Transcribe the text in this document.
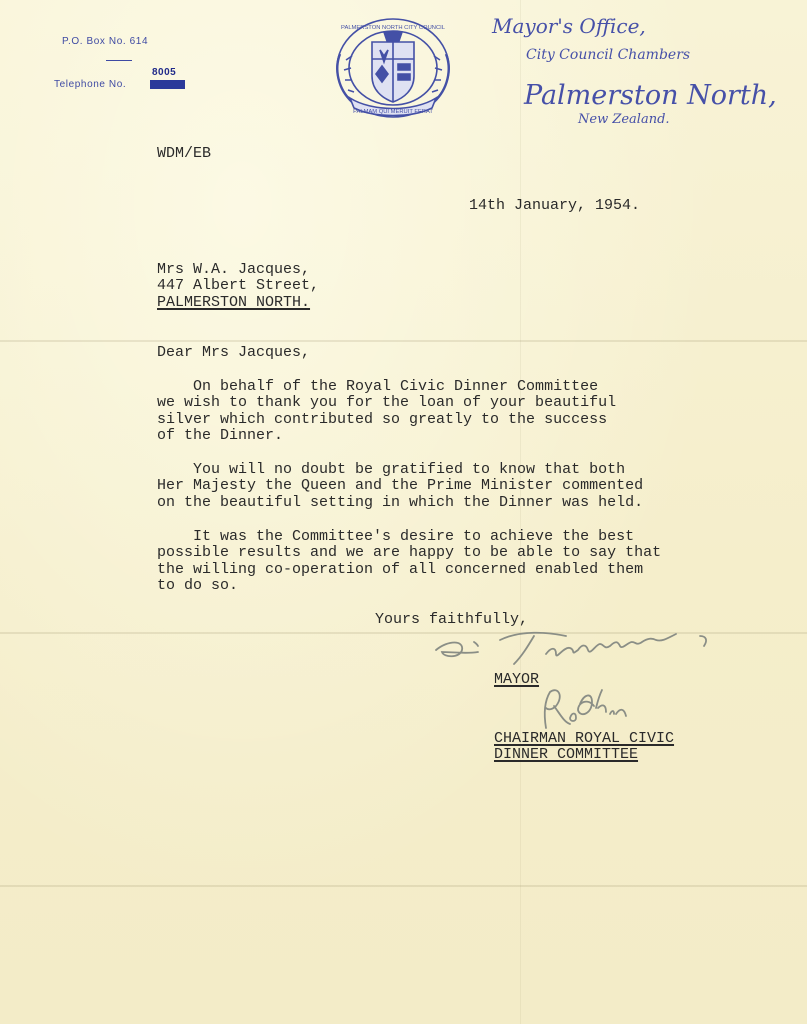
P.O. Box No. 614
8005
Telephone No.
PALMERSTON NORTH CITY COUNCIL
PALMAM QUI MERUIT FERAT
Mayor's Office,
City Council Chambers
Palmerston North,
New Zealand.
WDM/EB
14th January, 1954.
Mrs W.A. Jacques,
447 Albert Street,
PALMERSTON NORTH.
Dear Mrs Jacques,
On behalf of the Royal Civic Dinner Committee
we wish to thank you for the loan of your beautiful
silver which contributed so greatly to the success
of the Dinner.
You will no doubt be gratified to know that both
Her Majesty the Queen and the Prime Minister commented
on the beautiful setting in which the Dinner was held.
It was the Committee's desire to achieve the best
possible results and we are happy to be able to say that
the willing co-operation of all concerned enabled them
to do so.
Yours faithfully,
MAYOR
CHAIRMAN ROYAL CIVIC
DINNER COMMITTEE
